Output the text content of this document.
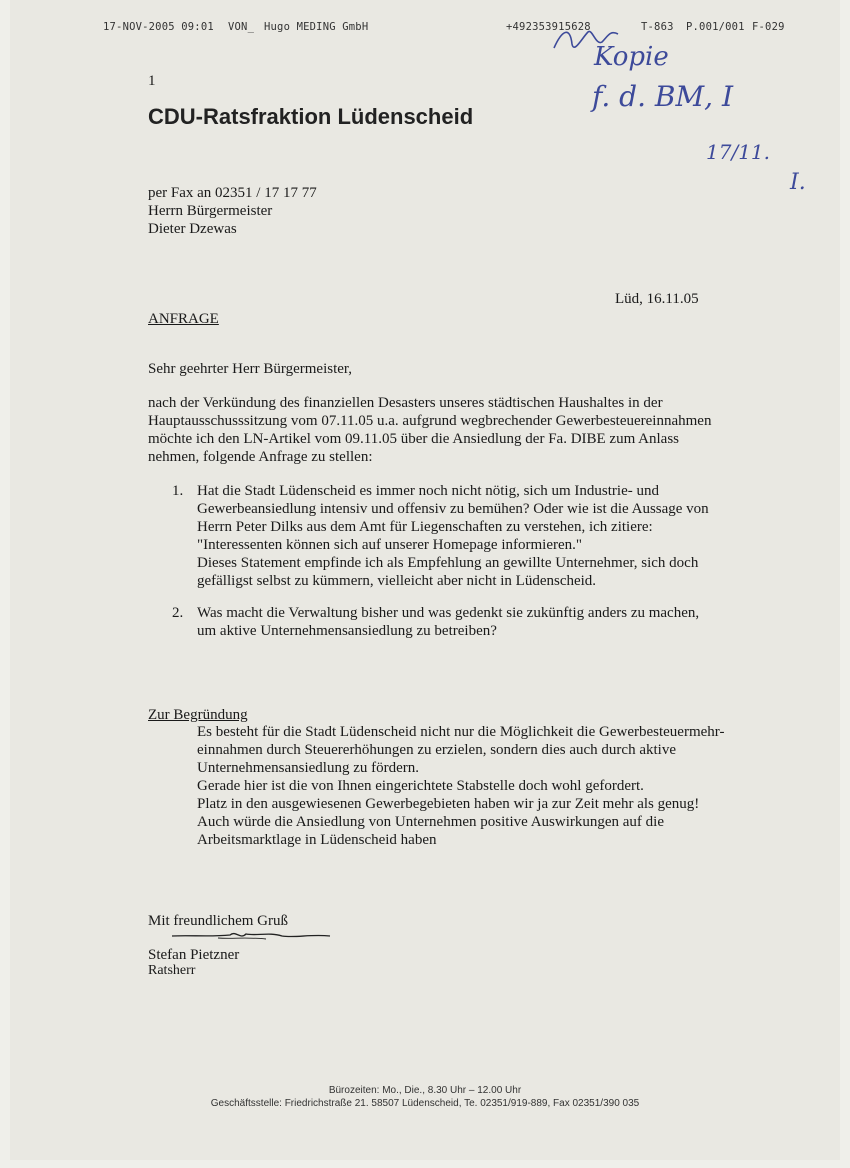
17-NOV-2005 09:01 VON_ Hugo MEDING GmbH	+492353915628	T-863 P.001/001 F-029
Kopie
f. d. BM, I
17/11.
I.
1
CDU-Ratsfraktion Lüdenscheid
per Fax an 02351 / 17 17 77
Herrn Bürgermeister
Dieter Dzewas
Lüd, 16.11.05
ANFRAGE
Sehr geehrter Herr Bürgermeister,
nach der Verkündung des finanziellen Desasters unseres städtischen Haushaltes in der
Hauptausschusssitzung vom 07.11.05 u.a. aufgrund wegbrechender Gewerbesteuereinnahmen
möchte ich den LN-Artikel vom 09.11.05 über die Ansiedlung der Fa. DIBE zum Anlass
nehmen, folgende Anfrage zu stellen:
1. Hat die Stadt Lüdenscheid es immer noch nicht nötig, sich um Industrie- und
Gewerbeansiedlung intensiv und offensiv zu bemühen? Oder wie ist die Aussage von
Herrn Peter Dilks aus dem Amt für Liegenschaften zu verstehen, ich zitiere:
"Interessenten können sich auf unserer Homepage informieren."
Dieses Statement empfinde ich als Empfehlung an gewillte Unternehmer, sich doch
gefälligst selbst zu kümmern, vielleicht aber nicht in Lüdenscheid.
2. Was macht die Verwaltung bisher und was gedenkt sie zukünftig anders zu machen,
um aktive Unternehmensansiedlung zu betreiben?
Zur Begründung
Es besteht für die Stadt Lüdenscheid nicht nur die Möglichkeit die Gewerbesteuermehr-
einnahmen durch Steuererhöhungen zu erzielen, sondern dies auch durch aktive
Unternehmensansiedlung zu fördern.
Gerade hier ist die von Ihnen eingerichtete Stabstelle doch wohl gefordert.
Platz in den ausgewiesenen Gewerbegebieten haben wir ja zur Zeit mehr als genug!
Auch würde die Ansiedlung von Unternehmen positive Auswirkungen auf die
Arbeitsmarktlage in Lüdenscheid haben
Mit freundlichem Gruß
Stefan Pietzner
Ratsherr
Bürozeiten: Mo., Die., 8.30 Uhr – 12.00 Uhr
Geschäftsstelle: Friedrichstraße 21. 58507 Lüdenscheid, Te. 02351/919-889, Fax 02351/390 035
